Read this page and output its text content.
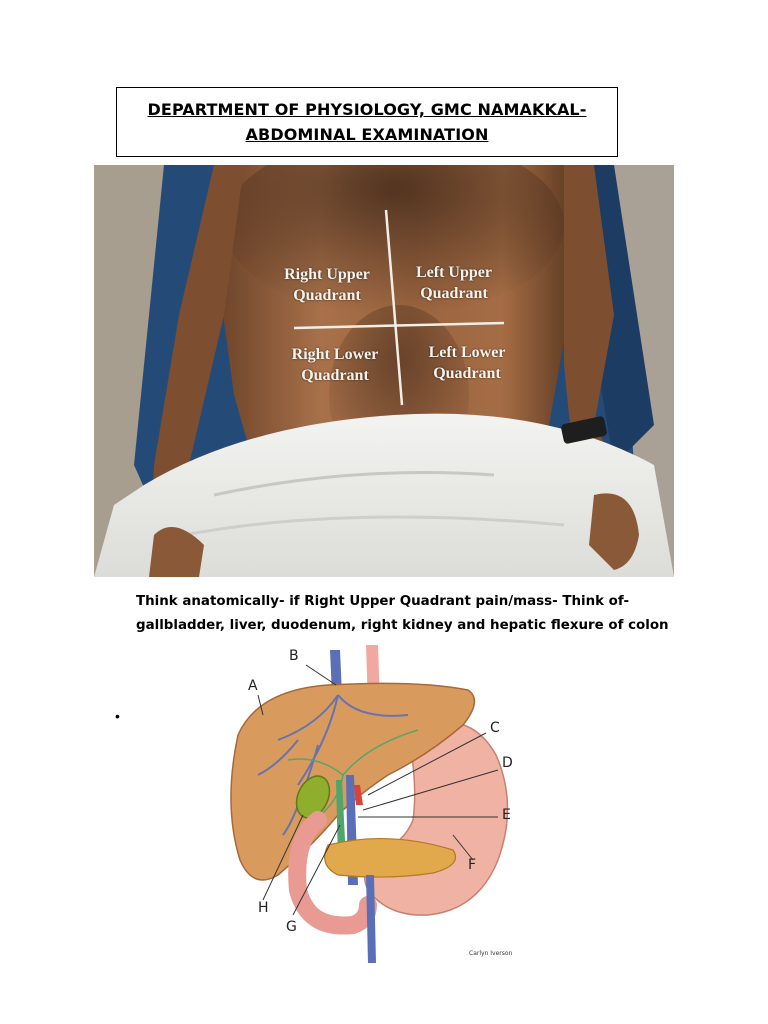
DEPARTMENT OF PHYSIOLOGY, GMC NAMAKKAL-
ABDOMINAL EXAMINATION
Right Upper
Quadrant
Left Upper
Quadrant
Right Lower
Quadrant
Left Lower
Quadrant
Think anatomically- if Right Upper Quadrant pain/mass- Think of-
gallbladder, liver, duodenum, right kidney and hepatic flexure of colon
•
B
A
C
D
E
F
H
G
Carlyn Iverson
